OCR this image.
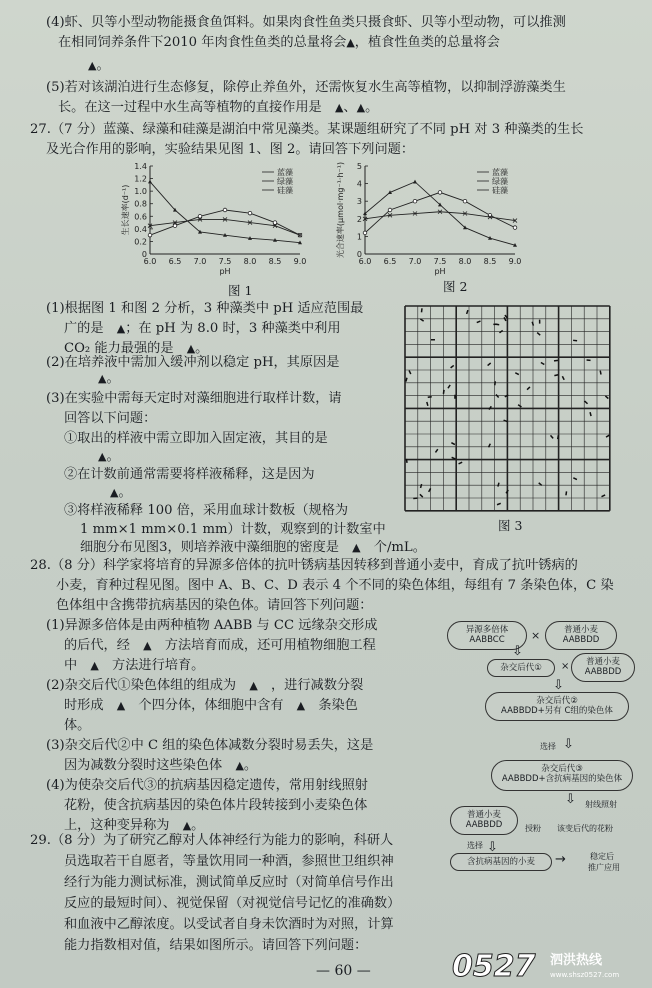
(4)虾、贝等小型动物能摄食鱼饵料。如果肉食性鱼类只摄食虾、贝等小型动物，可以推测
在相同饲养条件下2010 年肉食性鱼类的总量将会▲，植食性鱼类的总量将会
▲。
(5)若对该湖泊进行生态修复，除停止养鱼外，还需恢复水生高等植物，以抑制浮游藻类生
长。在这一过程中水生高等植物的直接作用是　 ▲、▲。
27.（7 分）蓝藻、绿藻和硅藻是湖泊中常见藻类。某课题组研究了不同 pH 对 3 种藻类的生长
及光合作用的影响，实验结果见图 1、图 2。请回答下列问题：
0
0.2
0.4
0.6
0.8
1.0
1.2
1.4
6.0 6.5 7.0 7.5 8.0 8.5 9.0
pH
生长速率(d⁻¹)
蓝藻
绿藻
硅藻
0
1
2
3
4
5
6.0 6.5 7.0 7.5 8.0 8.5 9.0
pH
光合速率(μmol·mg⁻¹·h⁻¹)	蓝藻
绿藻
硅藻
图 1	图 2
(1)根据图 1 和图 2 分析，3 种藻类中 pH 适应范围最
广的是　 ▲；在 pH 为 8.0 时，3 种藻类中利用
CO₂ 能力最强的是　 ▲。
(2)在培养液中需加入缓冲剂以稳定 pH，其原因是
▲。
(3)在实验中需每天定时对藻细胞进行取样计数，请
回答以下问题：
①取出的样液中需立即加入固定液，其目的是
▲。
②在计数前通常需要将样液稀释，这是因为
▲。
③将样液稀释 100 倍，采用血球计数板（规格为
1 mm×1 mm×0.1 mm）计数，观察到的计数室中
细胞分布见图3，则培养液中藻细胞的密度是　 ▲　 个/mL。
图 3
28.（8 分）科学家将培育的异源多倍体的抗叶锈病基因转移到普通小麦中，育成了抗叶锈病的
小麦，育种过程见图。图中 A、B、C、D 表示 4 个不同的染色体组，每组有 7 条染色体，C 染
色体组中含携带抗病基因的染色体。请回答下列问题：
(1)异源多倍体是由两种植物 AABB 与 CC 远缘杂交形成
的后代，经　 ▲　 方法培育而成，还可用植物细胞工程
中　 ▲　 方法进行培育。
(2)杂交后代①染色体组的组成为　 ▲　 ，进行减数分裂
时形成　 ▲　 个四分体，体细胞中含有　 ▲　 条染色
体。
(3)杂交后代②中 C 组的染色体减数分裂时易丢失，这是
因为减数分裂时这些染色体　 ▲。
(4)为使杂交后代③的抗病基因稳定遗传，常用射线照射
花粉，使含抗病基因的染色体片段转接到小麦染色体
上，这种变异称为　 ▲。
异源多倍体
AABBCC	×	普通小麦
AABBDD
⇩
杂交后代①	×	普通小麦
AABBDD
⇩
杂交后代②
AABBDD+另有 C组的染色体
选择 ⇩
杂交后代③
AABBDD+含抗病基因的染色体
射线照射
⇩
普通小麦
AABBDD	授粉 该变后代的花粉
选择 ⇩
含抗病基因的小麦	→	稳定后
推广应用
29.（8 分）为了研究乙醇对人体神经行为能力的影响，科研人
员选取若干自愿者，等量饮用同一种酒，参照世卫组织神
经行为能力测试标准，测试简单反应时（对简单信号作出
反应的最短时间）、视觉保留（对视觉信号记忆的准确数）
和血液中乙醇浓度。以受试者自身未饮酒时为对照，计算
能力指数相对值，结果如图所示。请回答下列问题：
— 60 —	0527 泗洪热线
www.shsz0527.com
